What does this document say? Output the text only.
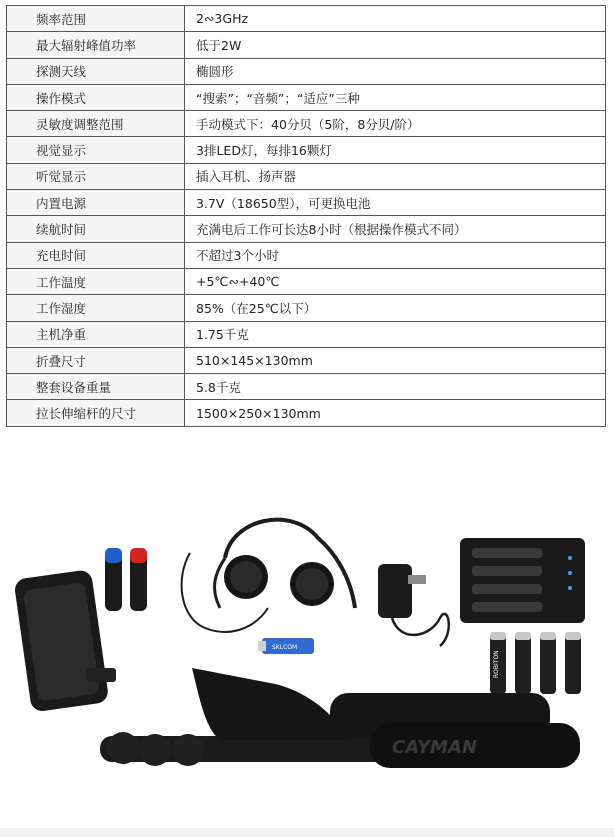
频率范围	2∾3GHz
最大辐射峰值功率	低于2W
探测天线	椭圆形
操作模式	“搜索”；“音频”；“适应”三种
灵敏度调整范围	手动模式下：40分贝（5阶，8分贝/阶）
视觉显示	3排LED灯，每排16颗灯
听觉显示	插入耳机、扬声器
内置电源	3.7V（18650型），可更换电池
续航时间	充满电后工作可长达8小时（根据操作模式不同）
充电时间	不超过3个小时
工作温度	+5℃∾+40℃
工作湿度	85%（在25℃以下）
主机净重	1.75千克
折叠尺寸	510×145×130mm
整套设备重量	5.8千克
拉长伸缩杆的尺寸	1500×250×130mm
ROBITON
SKLCOM
CAYMAN
